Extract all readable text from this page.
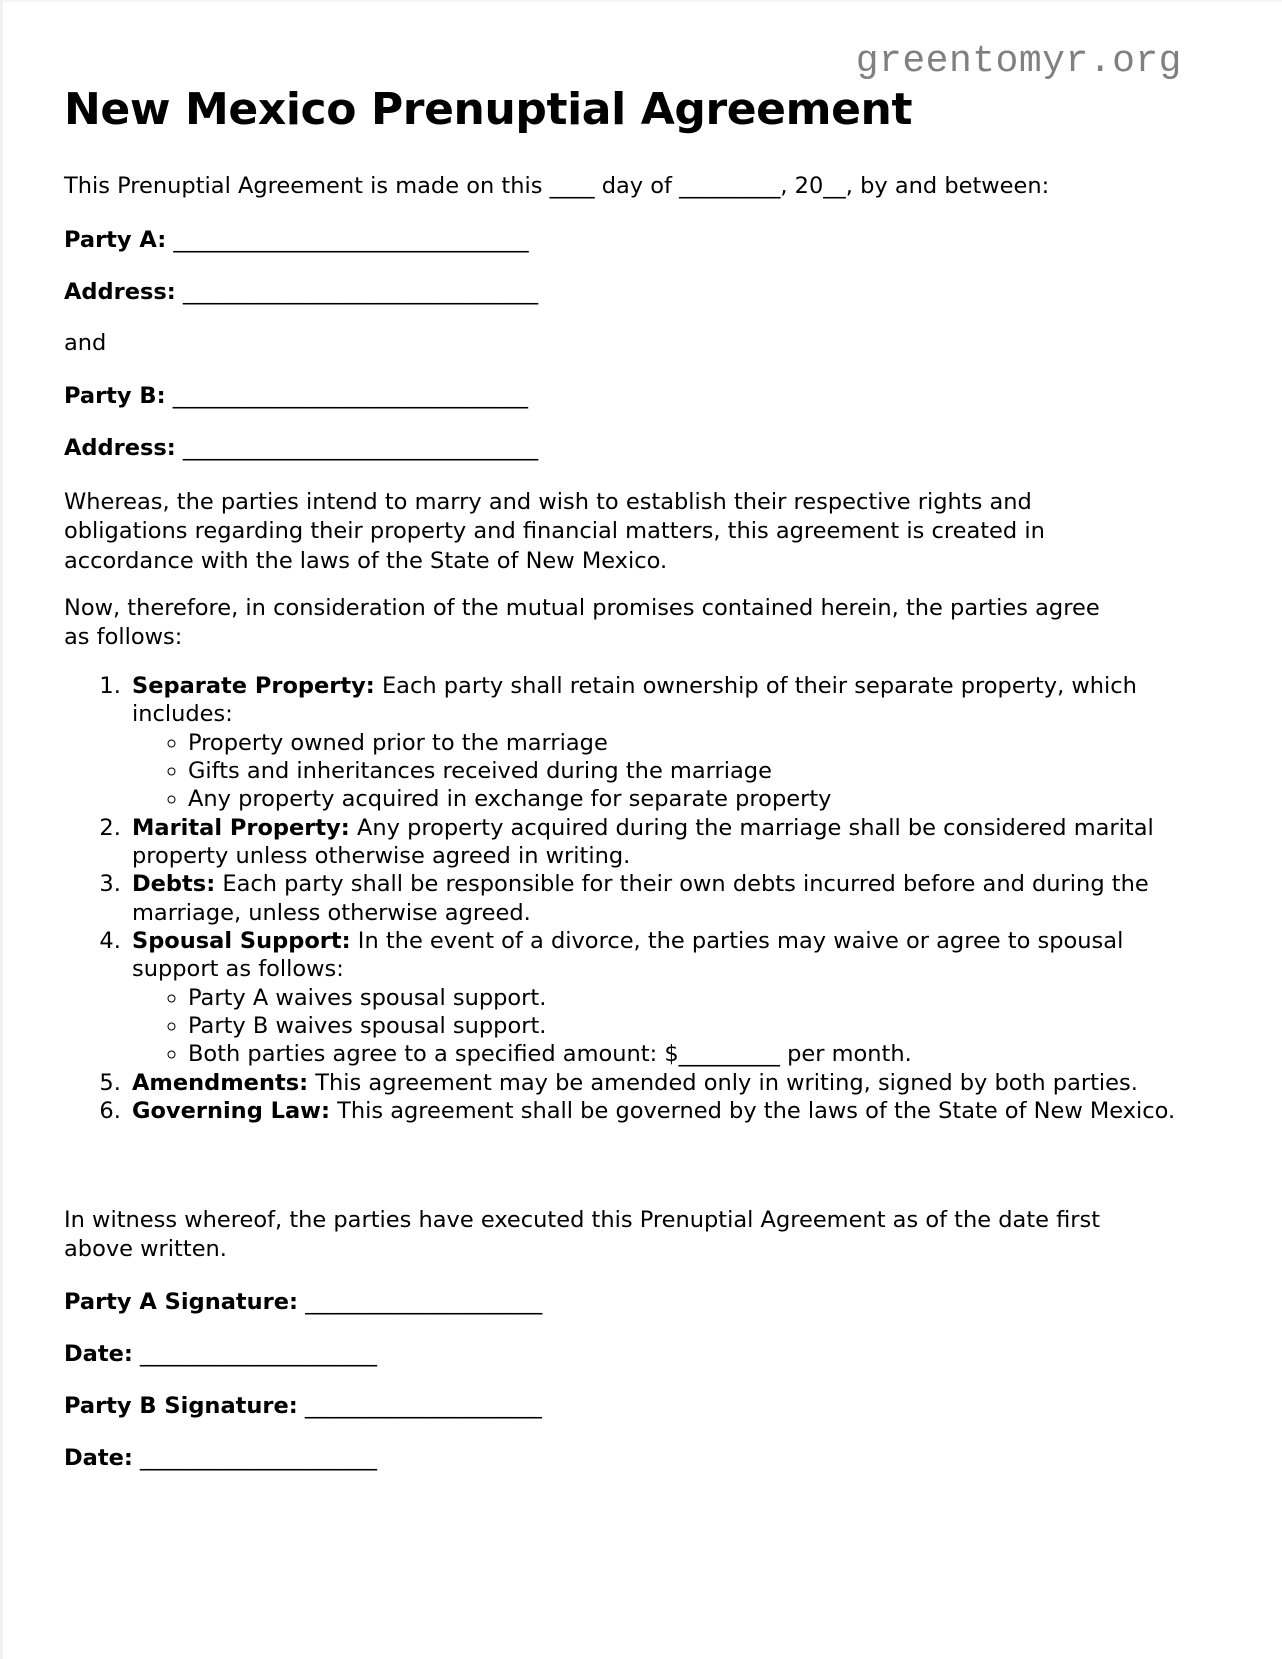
greentomyr.org
New Mexico Prenuptial Agreement
This Prenuptial Agreement is made on this ____ day of _________, 20__, by and between:
Party A: _________________________________
Address: _________________________________
and
Party B: _________________________________
Address: _________________________________
Whereas, the parties intend to marry and wish to establish their respective rights and obligations regarding their property and financial matters, this agreement is created in accordance with the laws of the State of New Mexico.
Now, therefore, in consideration of the mutual promises contained herein, the parties agree as follows:
1. Separate Property: Each party shall retain ownership of their separate property, which includes:
◦ Property owned prior to the marriage
◦ Gifts and inheritances received during the marriage
◦ Any property acquired in exchange for separate property
2. Marital Property: Any property acquired during the marriage shall be considered marital property unless otherwise agreed in writing.
3. Debts: Each party shall be responsible for their own debts incurred before and during the marriage, unless otherwise agreed.
4. Spousal Support: In the event of a divorce, the parties may waive or agree to spousal support as follows:
◦ Party A waives spousal support.
◦ Party B waives spousal support.
◦ Both parties agree to a specified amount: $_________ per month.
5. Amendments: This agreement may be amended only in writing, signed by both parties.
6. Governing Law: This agreement shall be governed by the laws of the State of New Mexico.
In witness whereof, the parties have executed this Prenuptial Agreement as of the date first above written.
Party A Signature: ______________________
Date: ______________________
Party B Signature: ______________________
Date: ______________________
